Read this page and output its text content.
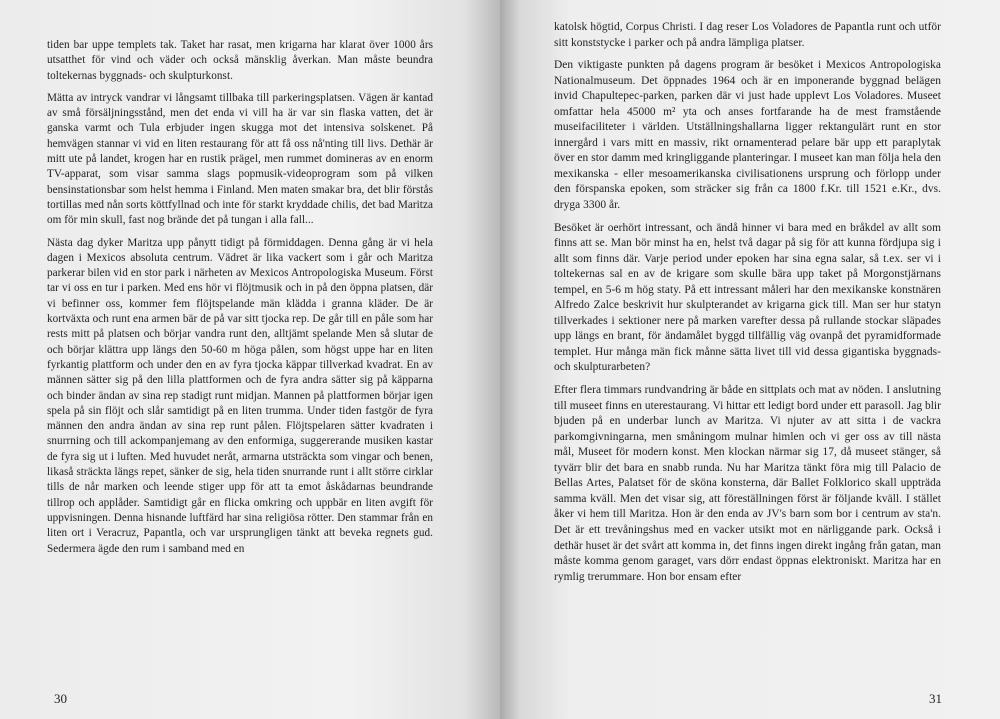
tiden bar uppe templets tak. Taket har rasat, men krigarna har klarat över 1000 års utsatthet för vind och väder och också mänsklig åverkan. Man måste beundra toltekernas byggnads- och skulpturkonst.

Mätta av intryck vandrar vi långsamt tillbaka till parkeringsplatsen. Vägen är kantad av små försäljningsstånd, men det enda vi vill ha är var sin flaska vatten, det är ganska varmt och Tula erbjuder ingen skugga mot det intensiva solskenet. På hemvägen stannar vi vid en liten restaurang för att få oss nå'nting till livs. Dethär är mitt ute på landet, krogen har en rustik prägel, men rummet domineras av en enorm TV-apparat, som visar samma slags popmusik-videoprogram som på vilken bensinstationsbar som helst hemma i Finland. Men maten smakar bra, det blir förstås tortillas med nån sorts köttfyllnad och inte för starkt kryddade chilis, det bad Maritza om för min skull, fast nog brände det på tungan i alla fall...

Nästa dag dyker Maritza upp pånytt tidigt på förmiddagen. Denna gång är vi hela dagen i Mexicos absoluta centrum. Vädret är lika vackert som i går och Maritza parkerar bilen vid en stor park i närheten av Mexicos Antropologiska Museum. Först tar vi oss en tur i parken. Med ens hör vi flöjtmusik och in på den öppna platsen, där vi befinner oss, kommer fem flöjtspelande män klädda i granna kläder. De är kortväxta och runt ena armen bär de på var sitt tjocka rep. De går till en påle som har rests mitt på platsen och börjar vandra runt den, alltjämt spelande Men så slutar de och börjar klättra upp längs den 50-60 m höga pålen, som högst uppe har en liten fyrkantig plattform och under den en av fyra tjocka käppar tillverkad kvadrat. En av männen sätter sig på den lilla plattformen och de fyra andra sätter sig på käpparna och binder ändan av sina rep stadigt runt midjan. Mannen på plattformen börjar igen spela på sin flöjt och slår samtidigt på en liten trumma. Under tiden fastgör de fyra männen den andra ändan av sina rep runt pålen. Flöjtspelaren sätter kvadraten i snurrning och till ackompanjemang av den enformiga, suggererande musiken kastar de fyra sig ut i luften. Med huvudet neråt, armarna utsträckta som vingar och benen, likaså sträckta längs repet, sänker de sig, hela tiden snurrande runt i allt större cirklar tills de når marken och leende stiger upp för att ta emot åskådarnas beundrande tillrop och applåder. Samtidigt går en flicka omkring och uppbär en liten avgift för uppvisningen. Denna hisnande luftfärd har sina religiösa rötter. Den stammar från en liten ort i Veracruz, Papantla, och var ursprungligen tänkt att beveka regnets gud. Sedermera ägde den rum i samband med en

30

katolsk högtid, Corpus Christi. I dag reser Los Voladores de Papantla runt och utför sitt konststycke i parker och på andra lämpliga platser.

Den viktigaste punkten på dagens program är besöket i Mexicos Antropologiska Nationalmuseum. Det öppnades 1964 och är en imponerande byggnad belägen invid Chapultepec-parken, parken där vi just hade upplevt Los Voladores. Museet omfattar hela 45000 m² yta och anses fortfarande ha de mest framstående museifaciliteter i världen. Utställningshallarna ligger rektangulärt runt en stor innergård i vars mitt en massiv, rikt ornamenterad pelare bär upp ett paraplytak över en stor damm med kringliggande planteringar. I museet kan man följa hela den mexikanska - eller mesoamerikanska civilisationens ursprung och förlopp under den förspanska epoken, som sträcker sig från ca 1800 f.Kr. till 1521 e.Kr., dvs. dryga 3300 år.

Besöket är oerhört intressant, och ändå hinner vi bara med en bråkdel av allt som finns att se. Man bör minst ha en, helst två dagar på sig för att kunna fördjupa sig i allt som finns där. Varje period under epoken har sina egna salar, så t.ex. ser vi i toltekernas sal en av de krigare som skulle bära upp taket på Morgonstjärnans tempel, en 5-6 m hög staty. På ett intressant måleri har den mexikanske konstnären Alfredo Zalce beskrivit hur skulpterandet av krigarna gick till. Man ser hur statyn tillverkades i sektioner nere på marken varefter dessa på rullande stockar släpades upp längs en brant, för ändamålet byggd tillfällig väg ovanpå det pyramidformade templet. Hur många män fick månne sätta livet till vid dessa gigantiska byggnads- och skulpturarbeten?

Efter flera timmars rundvandring är både en sittplats och mat av nöden. I anslutning till museet finns en uterestaurang. Vi hittar ett ledigt bord under ett parasoll. Jag blir bjuden på en underbar lunch av Maritza. Vi njuter av att sitta i de vackra parkomgivningarna, men småningom mulnar himlen och vi ger oss av till nästa mål, Museet för modern konst. Men klockan närmar sig 17, då museet stänger, så tyvärr blir det bara en snabb runda. Nu har Maritza tänkt föra mig till Palacio de Bellas Artes, Palatset för de sköna konsterna, där Ballet Folklorico skall uppträda samma kväll. Men det visar sig, att föreställningen först är följande kväll. I stället åker vi hem till Maritza. Hon är den enda av JV's barn som bor i centrum av sta'n. Det är ett trevåningshus med en vacker utsikt mot en närliggande park. Också i dethär huset är det svårt att komma in, det finns ingen direkt ingång från gatan, man måste komma genom garaget, vars dörr endast öppnas elektroniskt. Maritza har en rymlig trerummare. Hon bor ensam efter

31
